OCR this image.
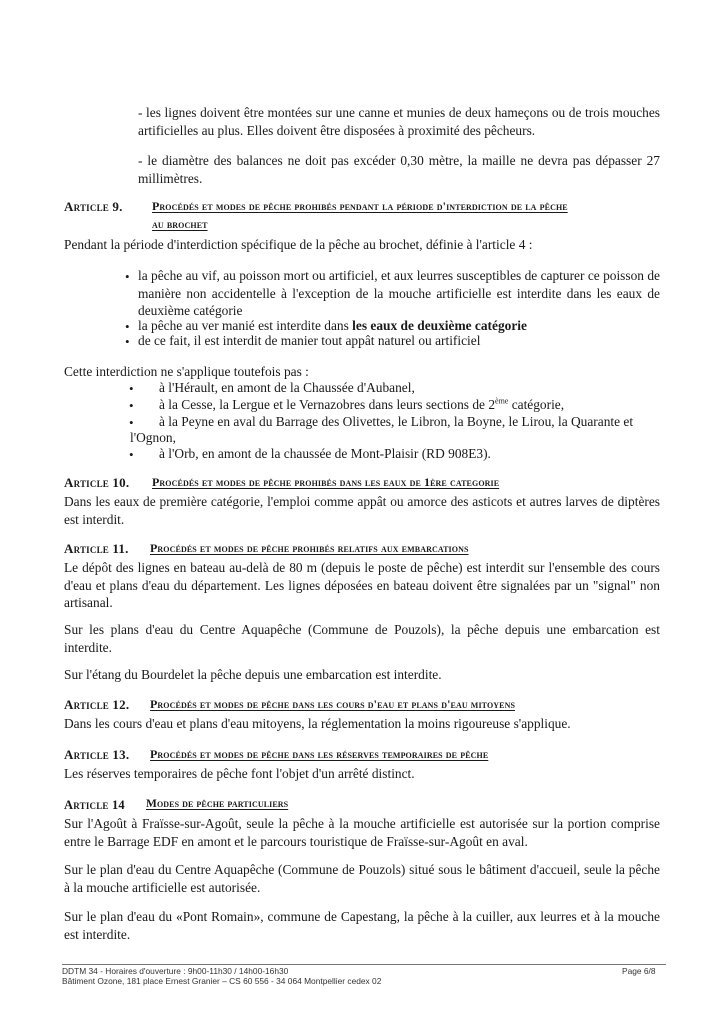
- les lignes doivent être montées sur une canne et munies de deux hameçons ou de trois mouches artificielles au plus. Elles doivent être disposées à proximité des pêcheurs.

- le diamètre des balances ne doit pas excéder 0,30 mètre, la maille ne devra pas dépasser 27 millimètres.

Article 9. Procédés et modes de pêche prohibés pendant la période d'interdiction de la pêche
au brochet

Pendant la période d'interdiction spécifique de la pêche au brochet, définie à l'article 4 :

• la pêche au vif, au poisson mort ou artificiel, et aux leurres susceptibles de capturer ce poisson de manière non accidentelle à l'exception de la mouche artificielle est interdite dans les eaux de deuxième catégorie

• la pêche au ver manié est interdite dans les eaux de deuxième catégorie

• de ce fait, il est interdit de manier tout appât naturel ou artificiel

Cette interdiction ne s'applique toutefois pas :

• à l'Hérault, en amont de la Chaussée d'Aubanel,

• à la Cesse, la Lergue et le Vernazobres dans leurs sections de 2ème catégorie,

• à la Peyne en aval du Barrage des Olivettes, le Libron, la Boyne, le Lirou, la Quarante et

l'Ognon,

• à l'Orb, en amont de la chaussée de Mont-Plaisir (RD 908E3).

Article 10. Procédés et modes de pêche prohibés dans les eaux de 1ère categorie

Dans les eaux de première catégorie, l'emploi comme appât ou amorce des asticots et autres larves de diptères est interdit.

Article 11. Procédés et modes de pêche prohibés relatifs aux embarcations

Le dépôt des lignes en bateau au-delà de 80 m (depuis le poste de pêche) est interdit sur l'ensemble des cours d'eau et plans d'eau du département. Les lignes déposées en bateau doivent être signalées par un "signal" non artisanal.

Sur les plans d'eau du Centre Aquapêche (Commune de Pouzols), la pêche depuis une embarcation est interdite.

Sur l'étang du Bourdelet la pêche depuis une embarcation est interdite.

Article 12. Procédés et modes de pêche dans les cours d'eau et plans d'eau mitoyens

Dans les cours d'eau et plans d'eau mitoyens, la réglementation la moins rigoureuse s'applique.

Article 13. Procédés et modes de pêche dans les réserves temporaires de pêche

Les réserves temporaires de pêche font l'objet d'un arrêté distinct.

Article 14 Modes de pêche particuliers

Sur l'Agoût à Fraïsse-sur-Agoût, seule la pêche à la mouche artificielle est autorisée sur la portion comprise entre le Barrage EDF en amont et le parcours touristique de Fraïsse-sur-Agoût en aval.

Sur le plan d'eau du Centre Aquapêche (Commune de Pouzols) situé sous le bâtiment d'accueil, seule la pêche à la mouche artificielle est autorisée.

Sur le plan d'eau du «Pont Romain», commune de Capestang, la pêche à la cuiller, aux leurres et à la mouche est interdite.

DDTM 34 - Horaires d'ouverture : 9h00-11h30 / 14h00-16h30
Bâtiment Ozone, 181 place Ernest Granier – CS 60 556 - 34 064 Montpellier cedex 02
Page 6/8
